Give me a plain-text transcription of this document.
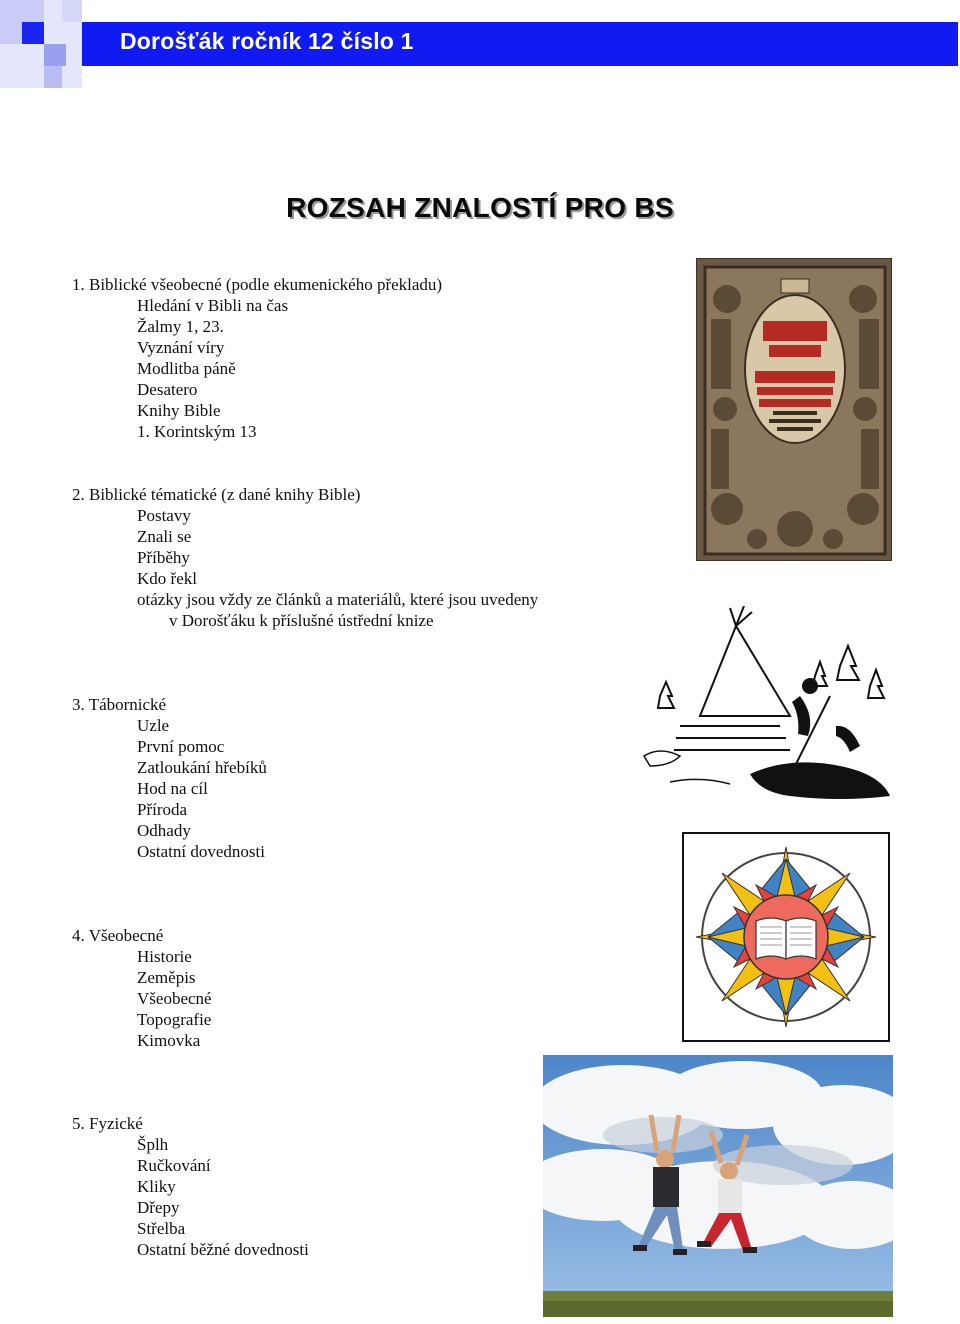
Dorošťák ročník 12 číslo 1
ROZSAH ZNALOSTÍ PRO BS
1. Biblické všeobecné (podle ekumenického překladu)
Hledání v Bibli na čas
Žalmy 1, 23.
Vyznání víry
Modlitba páně
Desatero
Knihy Bible
1. Korintským 13
2. Biblické tématické (z dané knihy Bible)
Postavy
Znali se
Příběhy
Kdo řekl
otázky jsou vždy ze článků a materiálů, které jsou uvedeny
v Dorošťáku k příslušné ústřední knize
3. Tábornické
Uzle
První pomoc
Zatloukání hřebíků
Hod na cíl
Příroda
Odhady
Ostatní dovednosti
4. Všeobecné
Historie
Zeměpis
Všeobecné
Topografie
Kimovka
5. Fyzické
Šplh
Ručkování
Kliky
Dřepy
Střelba
Ostatní běžné dovednosti
